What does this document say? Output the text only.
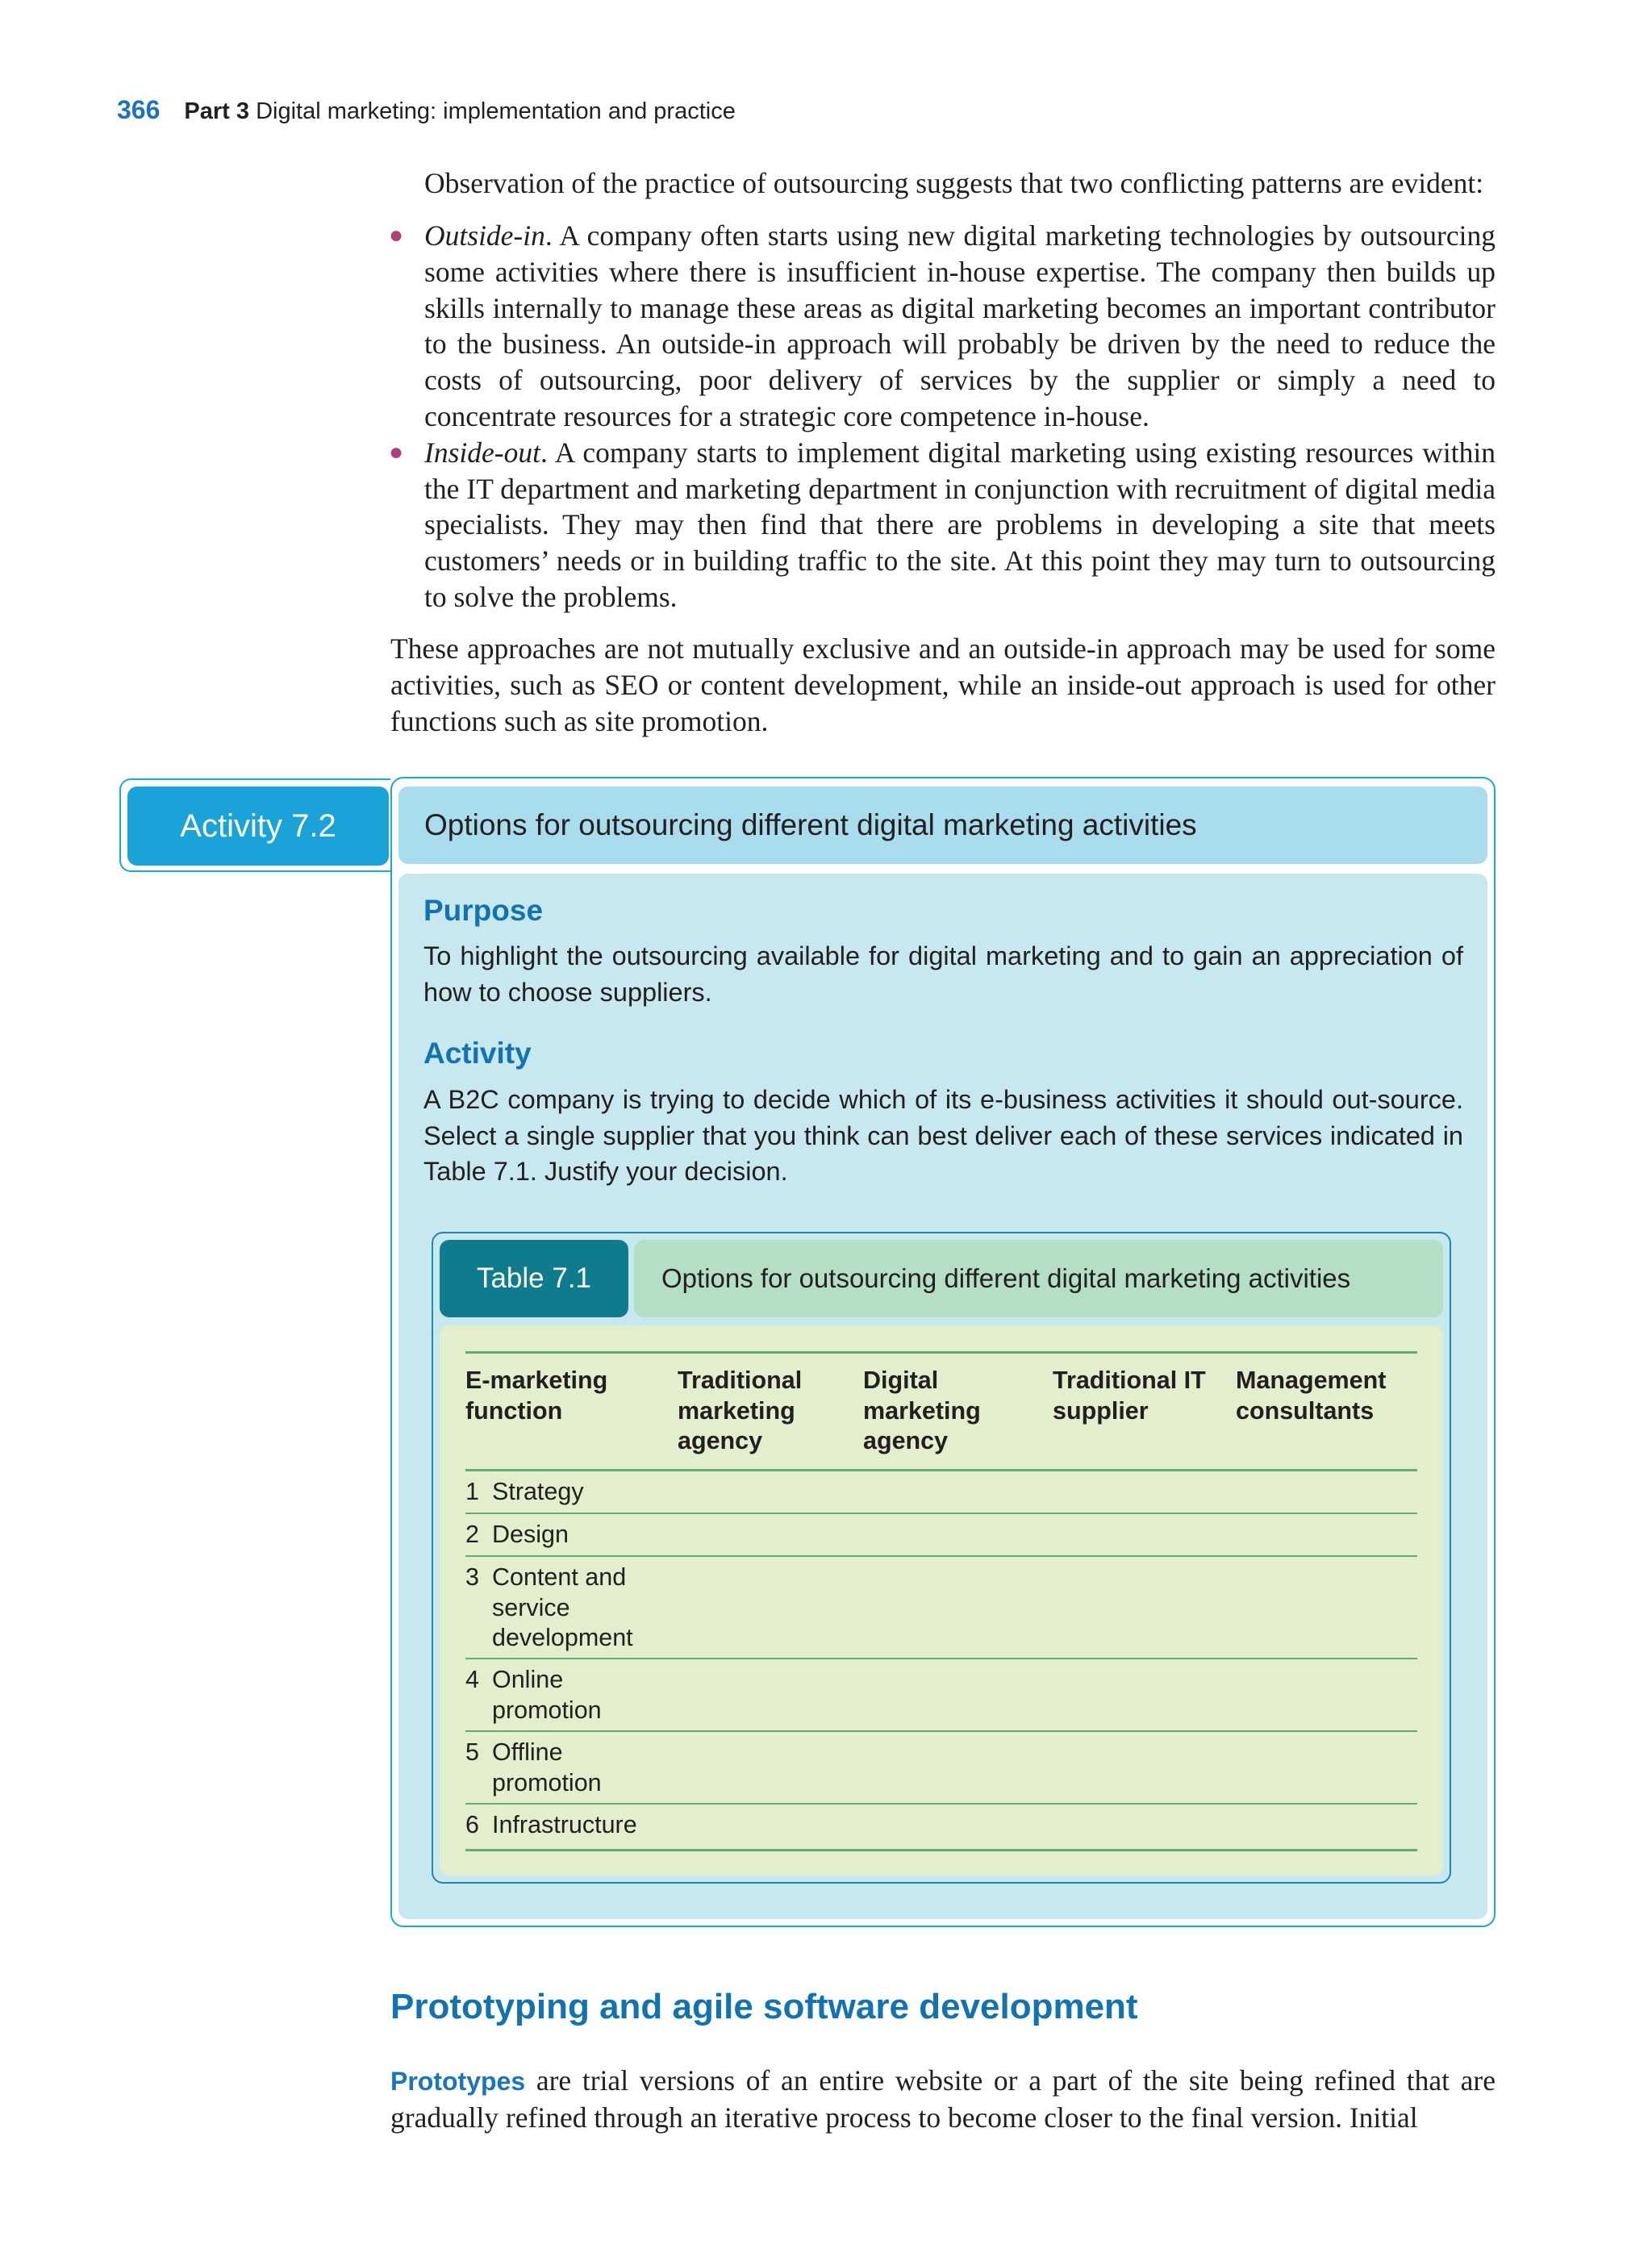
366 Part 3 Digital marketing: implementation and practice
Observation of the practice of outsourcing suggests that two conflicting patterns are evident:
● Outside-in. A company often starts using new digital marketing technologies by outsourcing some activities where there is insufficient in-house expertise. The company then builds up skills internally to manage these areas as digital marketing becomes an important contributor to the business. An outside-in approach will probably be driven by the need to reduce the costs of outsourcing, poor delivery of services by the supplier or simply a need to concentrate resources for a strategic core competence in-house.
● Inside-out. A company starts to implement digital marketing using existing resources within the IT department and marketing department in conjunction with recruitment of digital media specialists. They may then find that there are problems in developing a site that meets customers’ needs or in building traffic to the site. At this point they may turn to outsourcing to solve the problems.
These approaches are not mutually exclusive and an outside-in approach may be used for some activities, such as SEO or content development, while an inside-out approach is used for other functions such as site promotion.
Activity 7.2	Options for outsourcing different digital marketing activities
Purpose
To highlight the outsourcing available for digital marketing and to gain an appreciation of how to choose suppliers.
Activity
A B2C company is trying to decide which of its e-business activities it should out-source. Select a single supplier that you think can best deliver each of these services indicated in Table 7.1. Justify your decision.
Table 7.1	Options for outsourcing different digital marketing activities
E-marketing function
Traditional marketing agency
Digital marketing agency
Traditional IT supplier
Management consultants
1 Strategy
2 Design
3 Content and service development
4 Online promotion
5 Offline promotion
6 Infrastructure
Prototyping and agile software development
Prototypes are trial versions of an entire website or a part of the site being refined that are gradually refined through an iterative process to become closer to the final version. Initial
